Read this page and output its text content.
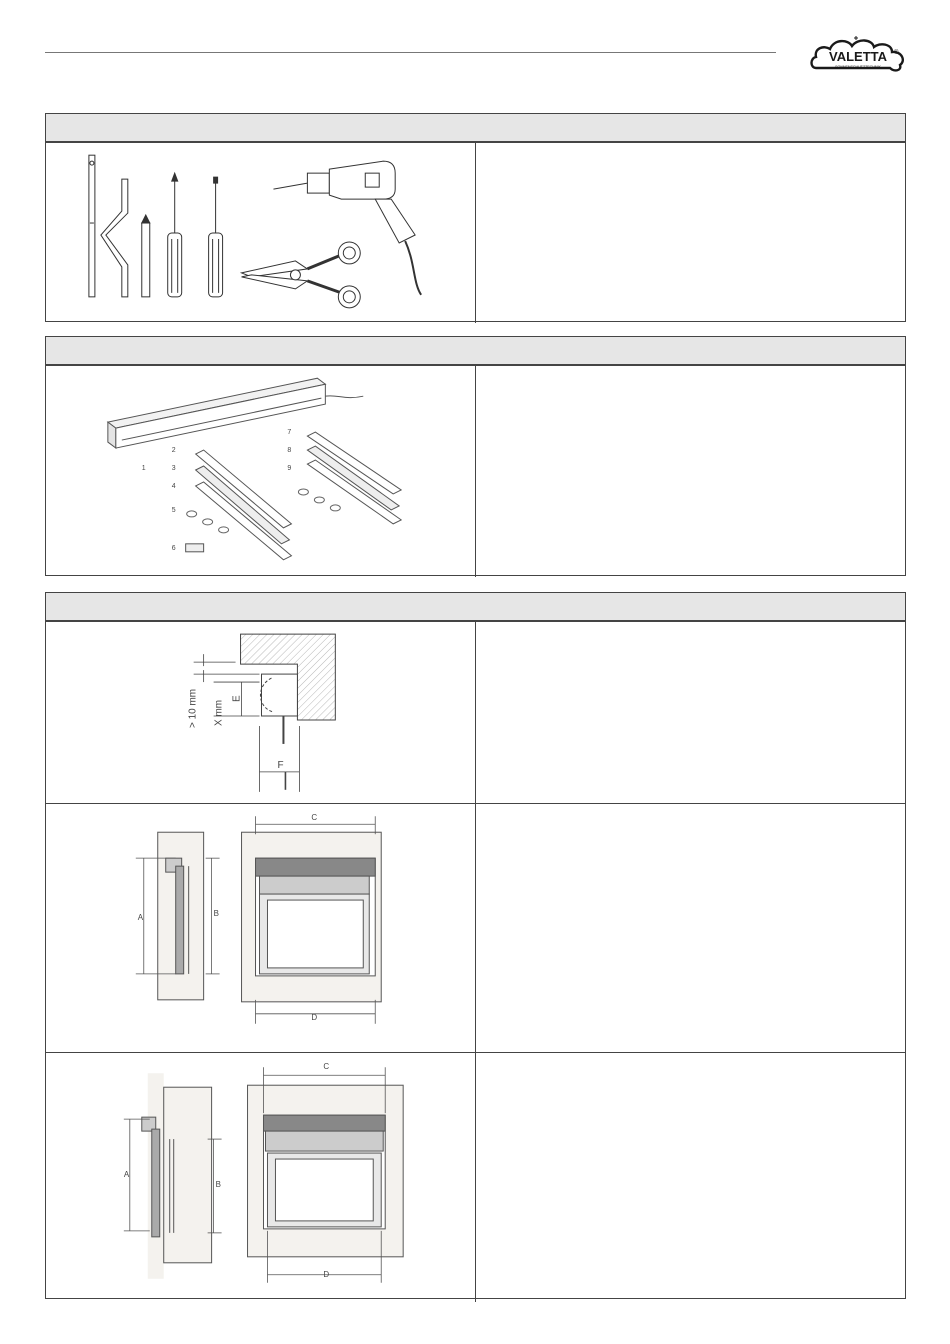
VALETTA ®
SONNENSCHUTZTECHNIK
1
2
3
4
5
6
7
8
9
> 10 mm X mm
E
F
A	B
C
D
A
B
C
D
